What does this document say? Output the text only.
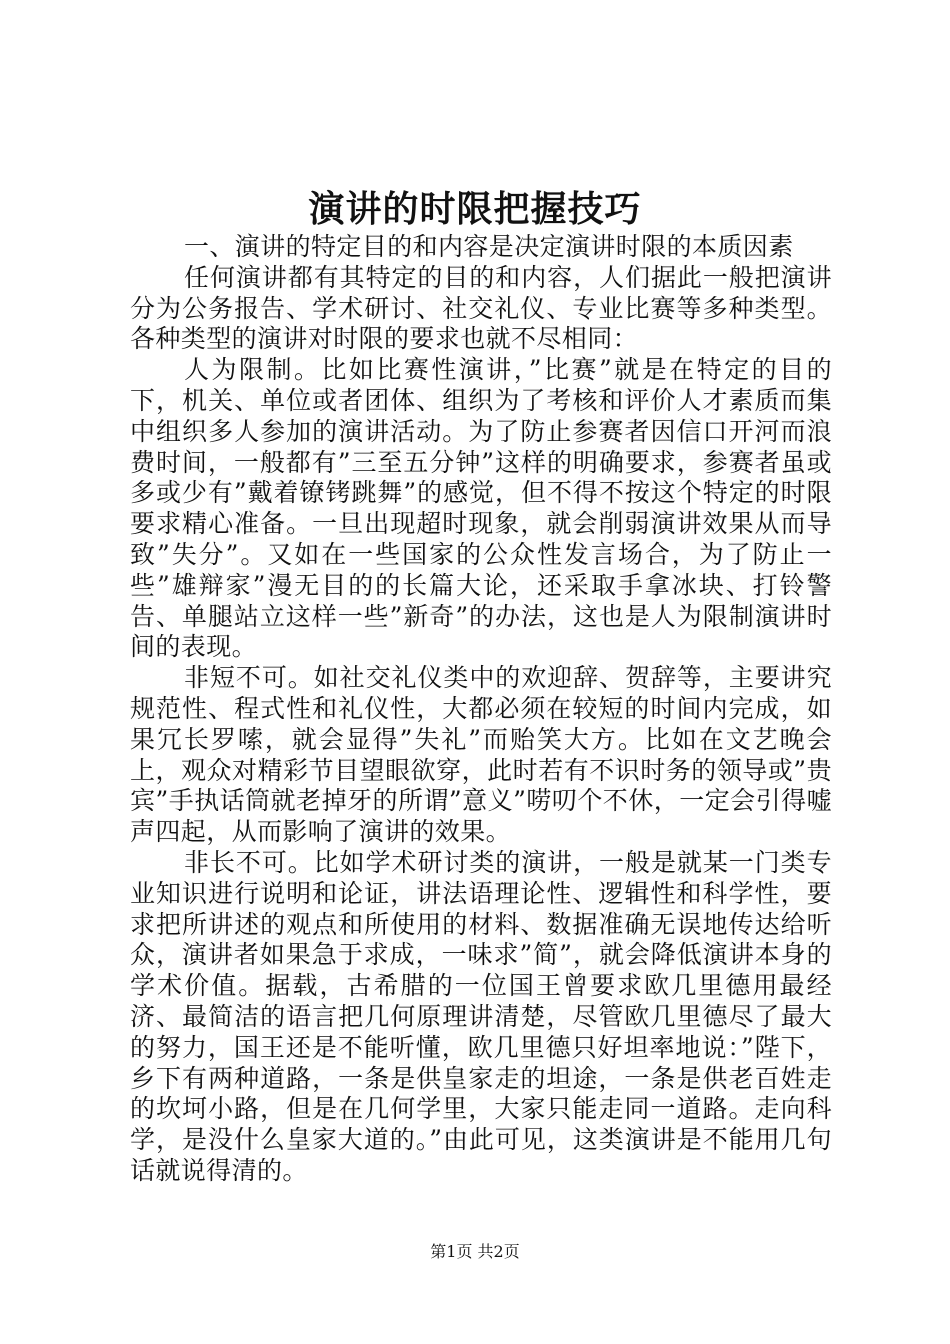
演讲的时限把握技巧

一、演讲的特定目的和内容是决定演讲时限的本质因素

任何演讲都有其特定的目的和内容，人们据此一般把演讲分为公务报告、学术研讨、社交礼仪、专业比赛等多种类型。各种类型的演讲对时限的要求也就不尽相同：

人为限制。比如比赛性演讲，”比赛”就是在特定的目的下，机关、单位或者团体、组织为了考核和评价人才素质而集中组织多人参加的演讲活动。为了防止参赛者因信口开河而浪费时间，一般都有”三至五分钟”这样的明确要求，参赛者虽或多或少有”戴着镣铐跳舞”的感觉，但不得不按这个特定的时限要求精心准备。一旦出现超时现象，就会削弱演讲效果从而导致”失分”。又如在一些国家的公众性发言场合，为了防止一些”雄辩家”漫无目的的长篇大论，还采取手拿冰块、打铃警告、单腿站立这样一些”新奇”的办法，这也是人为限制演讲时间的表现。

非短不可。如社交礼仪类中的欢迎辞、贺辞等，主要讲究规范性、程式性和礼仪性，大都必须在较短的时间内完成，如果冗长罗嗦，就会显得”失礼”而贻笑大方。比如在文艺晚会上，观众对精彩节目望眼欲穿，此时若有不识时务的领导或”贵宾”手执话筒就老掉牙的所谓”意义”唠叨个不休，一定会引得嘘声四起，从而影响了演讲的效果。

非长不可。比如学术研讨类的演讲，一般是就某一门类专业知识进行说明和论证，讲法语理论性、逻辑性和科学性，要求把所讲述的观点和所使用的材料、数据准确无误地传达给听众，演讲者如果急于求成，一味求”简”，就会降低演讲本身的学术价值。据载，古希腊的一位国王曾要求欧几里德用最经济、最简洁的语言把几何原理讲清楚，尽管欧几里德尽了最大的努力，国王还是不能听懂，欧几里德只好坦率地说：”陛下，乡下有两种道路，一条是供皇家走的坦途，一条是供老百姓走的坎坷小路，但是在几何学里，大家只能走同一道路。走向科学，是没什么皇家大道的。”由此可见，这类演讲是不能用几句话就说得清的。

第1页 共2页
